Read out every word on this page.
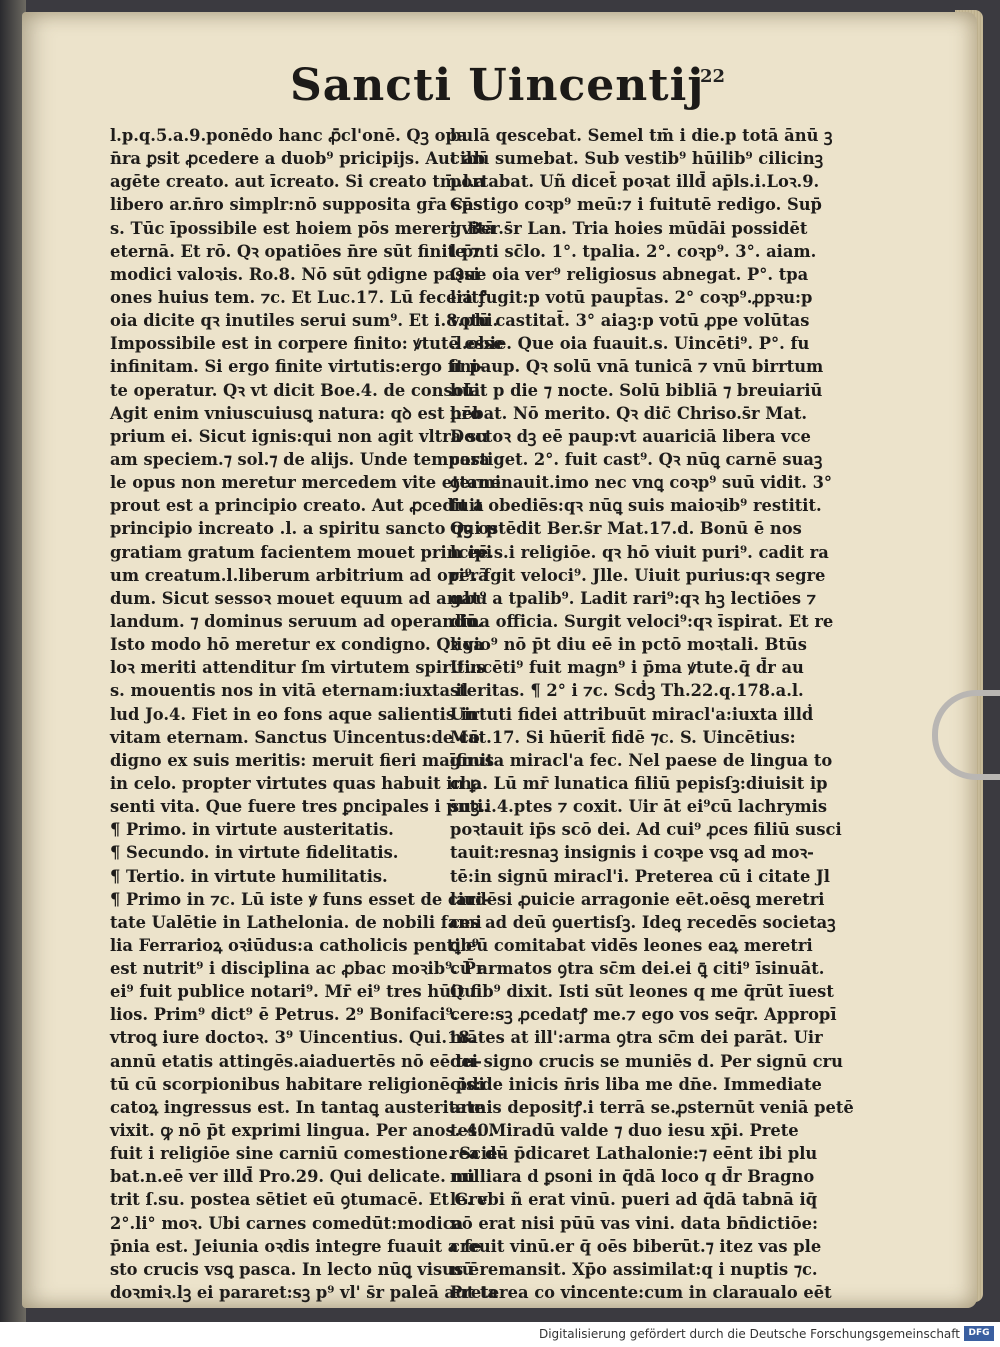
Sancti Uincentij
22
l.p.q.5.a.9.ponēdo hanc ꝓ̄cl'onē. Qꝫ opa
n̄ra ꝑsit ꝓcedere a duob⁹ pricipijs. Aut ab
agēte creato. aut īcreato. Si creato tm̄.l.a
libero ar.n̄ro simplr:nō supposita gr̄a sp̄s
s. Tūc īpossibile est hoiem pōs mereri vitā
eternā. Et rō. Qꝛ opatiōes n̄re sūt finite ⁊
modici valoꝛis. Ro.8. Nō sūt ꝯdigne passi
ones huius tem. ⁊c. Et Luc.17. Lū feceritꝭ
oia dicite qꝛ inutiles serui sum⁹. Et i.8.phi.
Impossibile est in corpere finito: ꝟtutē esse
infinitam. Si ergo finite virtutis:ergo fini-
te operatur. Qꝛ vt dicit Boe.4. de consola.
Agit enim vniuscuiusꝗ natura: qꝺ est pro
prium ei. Sicut ignis:qui non agit vltra su
am speciem.⁊ sol.⁊ de alijs. Unde tempora
le opus non meretur mercedem vite eterne
prout est a principio creato. Aut ꝓcedit a
principio increato .l. a spiritu sancto qui p
gratiam gratum facientem mouet principi
um creatum.l.liberum arbitrium ad operā
dum. Sicut sessoꝛ mouet equum ad ambu
landum. ⁊ dominus seruum ad operandū.
Isto modo hō meretur ex condigno. Qꝛ va
loꝛ meriti attenditur ſm virtutem spiritus
s. mouentis nos in vitā eternam:iuxta il
lud Jo.4. Fiet in eo fons aque salientis in
vitam eternam. Sanctus Uincentus:de cō
digno ex suis meritis: meruit fieri magnus
in celo. propter virtutes quas habuit in ꝑ
senti vita. Que fuere tres ꝑncipales i p̄nti.
¶ Primo. in virtute austeritatis.
¶ Secundo. in virtute fidelitatis.
¶ Tertio. in virtute humilitatis.
¶ Primo in ⁊c. Lū iste ꝟ funs esset de ciui-
tate Ualētie in Lathelonia. de nobili fami
lia Ferrarioꝝ oꝛiūdus:a catholicis pentib⁹
est nutrit⁹ i disciplina ac ꝓbac moꝛib⁹. P̄r
ei⁹ fuit publice notari⁹. Mr̄ ei⁹ tres hūit fi
lios. Prim⁹ dict⁹ ē Petrus. 2⁹ Bonifaci⁹.
vtroꝗ iure doctoꝛ. 3⁹ Uincentius. Qui.18.
annū etatis attingēs.aiaduertēs nō eē tu-
tū cū scorpionibus habitare religionē p̄di
catoꝝ ingressus est. In tantaꝗ austeritate
vixit. ꝙ nō p̄t exprimi lingua. Per anos. 40.
fuit i religiōe sine carniū comestione. Scie-
bat.n.eē ver illd̄ Pro.29. Qui delicate. nu
trit ſ.su. postea sētiet eū ꝯtumacē. Et Gre.
2°.li° moꝛ. Ubi carnes comedūt:modica
p̄nia est. Jeiunia oꝛdis integre fuauit a fe
sto crucis vsꝗ pasca. In lecto nūꝗ visus ē
doꝛmiꝛ.lꝫ ei pararet:sꝫ p⁹ vl' s̄r paleā aut ta
bulā qescebat. Semel tm̄ i die.p totā ānū ꝫ
cibū sumebat. Sub vestib⁹ hūilib⁹ cilicinꝫ
portabat. Uñ dicet̄ poꝛat illd̄ ap̄ls.i.Loꝛ.9.
Castigo coꝛp⁹ meū:⁊ i fuitutē redigo. Sup̄
g Ber.s̄r Lan. Tria hoies mūdāi possidēt
l p̄nti sc̄lo. 1°. tpalia. 2°. coꝛp⁹. 3°. aiam.
Que oia ver⁹ religiosus abnegat. P°. tpa
lia fugit:p votū paupt̄as. 2° coꝛp⁹.ꝓpꝛu:p
votū castitat̄. 3° aiaꝫ:p votū ꝓpe volūtas
.l.obie. Que oia fuauit.s. Uincēti⁹. P°. fu
it paup. Qꝛ solū vnā tunicā ⁊ vnū birrtum
hūit p die ⁊ nocte. Solū bibliā ⁊ breuiariū
hēbat. Nō merito. Qꝛ dic̄ Chriso.s̄r Mat.
Doctoꝛ dꝫ eē paup:vt auariciā libera vce
castiget. 2°. fuit cast⁹. Qꝛ nūꝗ carnē suaꝫ
ꝯtaminauit.imo nec vnꝗ coꝛp⁹ suū vidit. 3°
fuit obediēs:qꝛ nūꝗ suis maioꝛib⁹ restitit.
Qꝫ ostēdit Ber.s̄r Mat.17.d. Bonū ē nos
h eē.s.i religiōe. qꝛ hō viuit puri⁹. cadit ra
ri⁹. fgit veloci⁹. Jlle. Uiuit purius:qꝛ segre
gat⁹ a tpalib⁹. Ladit rari⁹:qꝛ hꝫ lectiōes ⁊
dina officia. Surgit veloci⁹:qꝛ īspirat. Et re
ligio⁹ nō p̄t diu eē in pctō moꝛtali. Btūs
Uincēti⁹ fuit magn⁹ i p̄ma ꝟtute.q̄ d̄r au
steritas. ¶ 2° i ⁊c. Scḋꝫ Th.22.q.178.a.l.
Uirtuti fidei attribuūt miracl'a:iuxta illḋ
Mat.17. Si hūerit̄ fidē ⁊c. S. Uincētius:
īfinita miracl'a fec. Nel paese de lingua to
cha. Lū mr̄ lunatica filiū pepisſꝫ:diuisit ip
suꝫ.i.4.ptes ⁊ coxit. Uir āt ei⁹cū lachrymis
poꝛtauit ip̄s scō dei. Ad cui⁹ ꝓces filiū susci
tauit:resnaꝫ insignis i coꝛpe vsꝗ ad moꝛ-
tē:in signū miracl'i. Preterea cū i citate Jl
lardēsi ꝓuicie arragonie eēt.oēsꝗ meretri
ces ad deū ꝯuertisſꝫ. Ideꝗ recedēs societaꝫ
ꝗ eū comitabat vidēs leones eaꝝ meretri
cū armatos ꝯtra sc̄m dei.ei ꝗ̄ citi⁹ īsinuāt.
Quib⁹ dixit. Isti sūt leones q me q̄rūt īuest
cere:sꝫ ꝓcedatꝭ me.⁊ ego vos seq̄r. Appropī
mātes at ill':arma ꝯtra sc̄m dei parāt. Uir
dei signo crucis se muniēs d. Per signū cru
cis:de inicis n̄ris liba me dn̄e. Immediate
armis depositꝭ.i terrā se.ꝓsternūt veniā petē
tes. Miradū valde ⁊ duo iesu xp̄i. Prete
rea dū p̄dicaret Lathalonie:⁊ eēnt ibi plu
milliara d ꝑsoni in q̄dā loco q d̄r Bragno
le. vbi ñ erat vinū. pueri ad q̄dā tabnā iq̄
nō erat nisi pūū vas vini. data bn̄dictiōe:
creuit vinū.er q̄ oēs biberūt.⁊ itez vas ple
nū remansit. Xp̄o assimilat:q i nuptis ⁊c.
Preterea co vincente:cum in claraualo eēt
Digitalisierung gefördert durch die Deutsche Forschungsgemeinschaft DFG
